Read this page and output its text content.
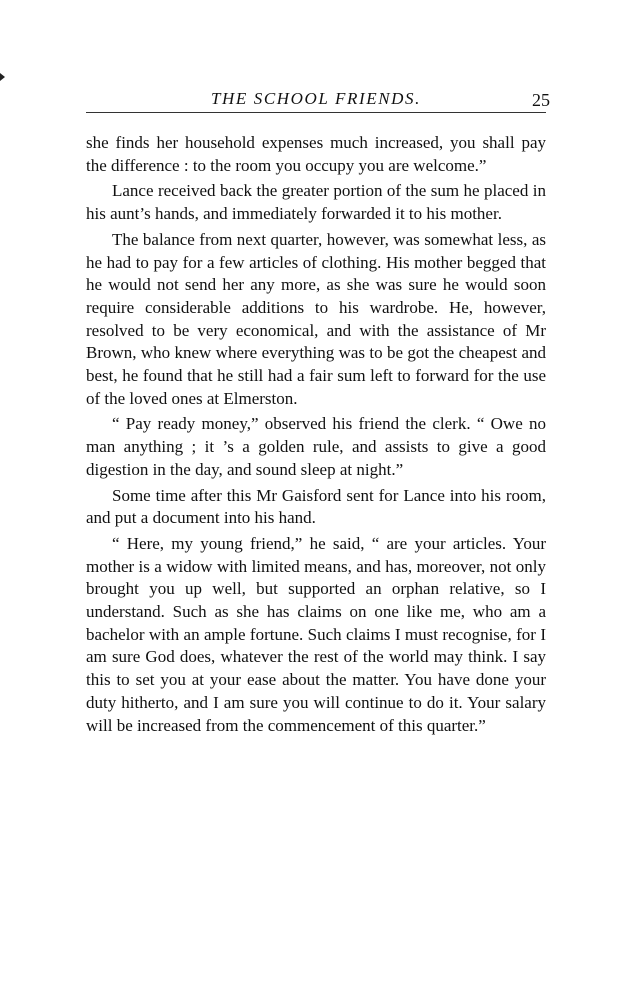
THE SCHOOL FRIENDS.	25

she finds her household expenses much increased, you shall pay the difference : to the room you occupy you are welcome.”

Lance received back the greater portion of the sum he placed in his aunt’s hands, and immediately forwarded it to his mother.

The balance from next quarter, however, was somewhat less, as he had to pay for a few articles of clothing. His mother begged that he would not send her any more, as she was sure he would soon require considerable additions to his wardrobe. He, however, resolved to be very economical, and with the assistance of Mr Brown, who knew where everything was to be got the cheapest and best, he found that he still had a fair sum left to forward for the use of the loved ones at Elmerston.

“ Pay ready money,” observed his friend the clerk. “ Owe no man anything ; it ’s a golden rule, and assists to give a good digestion in the day, and sound sleep at night.”

Some time after this Mr Gaisford sent for Lance into his room, and put a document into his hand.

“ Here, my young friend,” he said, “ are your articles. Your mother is a widow with limited means, and has, moreover, not only brought you up well, but supported an orphan relative, so I understand. Such as she has claims on one like me, who am a bachelor with an ample fortune. Such claims I must recognise, for I am sure God does, whatever the rest of the world may think. I say this to set you at your ease about the matter. You have done your duty hitherto, and I am sure you will continue to do it. Your salary will be increased from the commencement of this quarter.”
